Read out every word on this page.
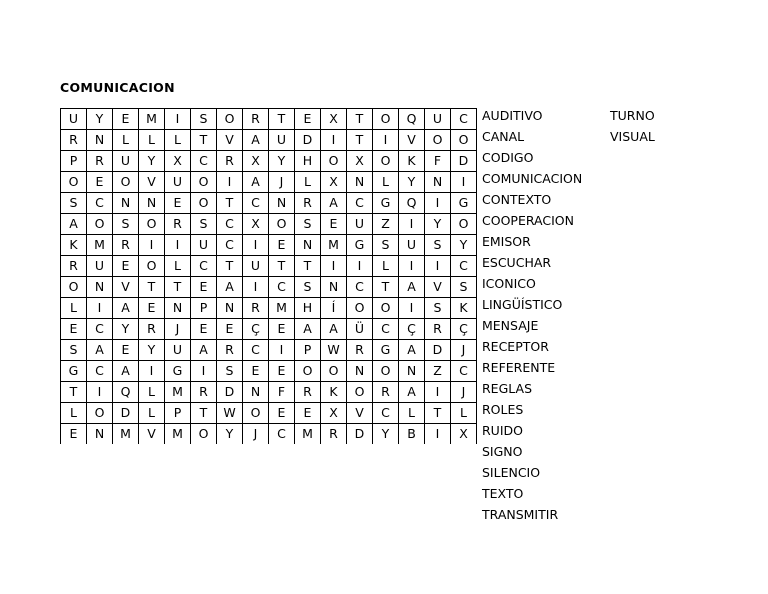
COMUNICACION
U	Y	E	M	I	S	O	R	T	E	X	T	O	Q	U	C
R	N	L	L	L	T	V	A	U	D	I	T	I	V	O	O
P	R	U	Y	X	C	R	X	Y	H	O	X	O	K	F	D
O	E	O	V	U	O	I	A	J	L	X	N	L	Y	N	I
S	C	N	N	E	O	T	C	N	R	A	C	G	Q	I	G
A	O	S	O	R	S	C	X	O	S	E	U	Z	I	Y	O
K	M	R	I	I	U	C	I	E	N	M	G	S	U	S	Y
R	U	E	O	L	C	T	U	T	T	I	I	L	I	I	C
O	N	V	T	T	E	A	I	C	S	N	C	T	A	V	S
L	I	A	E	N	P	N	R	M	H	Í	O	O	I	S	K
E	C	Y	R	J	E	E	Ç	E	A	A	Ü	C	Ç	R	Ç
S	A	E	Y	U	A	R	C	I	P	W	R	G	A	D	J
G	C	A	I	G	I	S	E	E	O	O	N	O	N	Z	C
T	I	Q	L	M	R	D	N	F	R	K	O	R	A	I	J
L	O	D	L	P	T	W	O	E	E	X	V	C	L	T	L
E	N	M	V	M	O	Y	J	C	M	R	D	Y	B	I	X
AUDITIVO
CANAL
CODIGO
COMUNICACION
CONTEXTO
COOPERACION
EMISOR
ESCUCHAR
ICONICO
LINGÜÍSTICO
MENSAJE
RECEPTOR
REFERENTE
REGLAS
ROLES
RUIDO
SIGNO
SILENCIO
TEXTO
TRANSMITIR
TURNO
VISUAL
